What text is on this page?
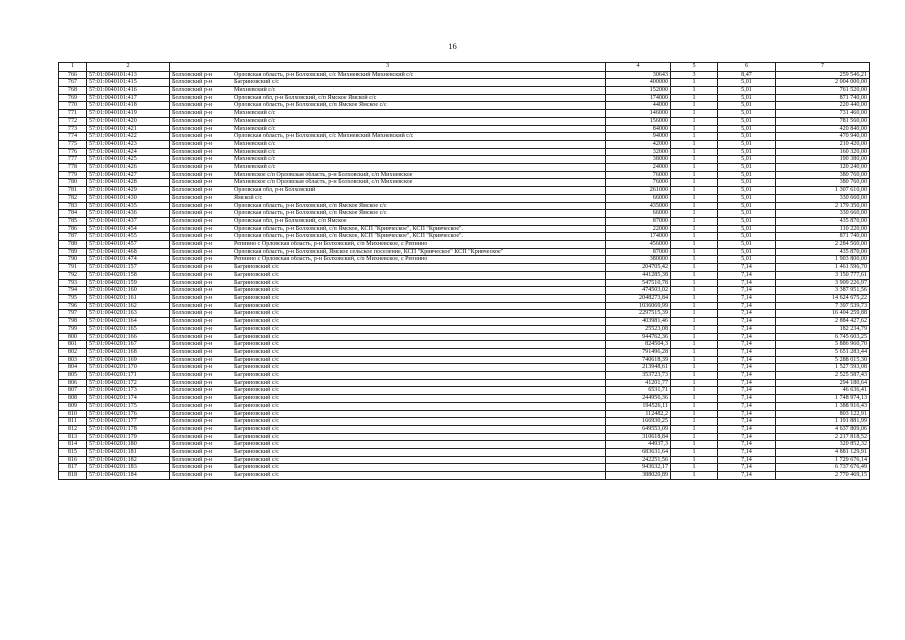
16
1	2	3	4	5	6	7
766	57:01:0040101:413	Болховский р-н Орловская область, р-н Болховский, с/с Михневский Михневский с/с	30643	3	8,47	259 546,21
767	57:01:0040101:415	Болховский р-н Багриновский с/с	400000	1	5,01	2 004 000,00
768	57:01:0040101:416	Болховский р-н Михневский с/с	152000	1	5,01	761 520,00
769	57:01:0040101:417	Болховский р-н Орловская обл, р-н Болховский, с/п Ямское Ямской с/с	174000	1	5,01	871 740,00
770	57:01:0040101:418	Болховский р-н Орловская область, р-н Болховский, с/п Ямское Ямское с/с	44000	1	5,01	220 440,00
771	57:01:0040101:419	Болховский р-н Михневский с/с	146000	1	5,01	731 460,00
772	57:01:0040101:420	Болховский р-н Михневский с/с	156000	1	5,01	781 560,00
773	57:01:0040101:421	Болховский р-н Михневский с/с	84000	1	5,01	420 840,00
774	57:01:0040101:422	Болховский р-н Орловская область, р-н Болховский, с/с Михневский Михневский с/с	94000	1	5,01	470 940,00
775	57:01:0040101:423	Болховский р-н Михневский с/с	42000	1	5,01	210 420,00
776	57:01:0040101:424	Болховский р-н Михневский с/с	32000	1	5,01	160 320,00
777	57:01:0040101:425	Болховский р-н Михневский с/с	38000	1	5,01	190 380,00
778	57:01:0040101:426	Болховский р-н Михневский с/с	24000	1	5,01	120 240,00
779	57:01:0040101:427	Болховский р-н Михневское с/п Орловская область, р-н Болховский, с/п Михневское	76000	1	5,01	380 760,00
780	57:01:0040101:428	Болховский р-н Михневское с/п Орловская область, р-н Болховский, с/п Михневское	76000	1	5,01	380 760,00
781	57:01:0040101:429	Болховский р-н Орловская обл, р-н Болховский	261000	1	5,01	1 307 610,00
782	57:01:0040101:430	Болховский р-н Ямской с/с	66000	1	5,01	330 660,00
783	57:01:0040101:435	Болховский р-н Орловская область, р-н Болховский, с/п Ямское Ямское с/с	435000	1	5,01	2 179 350,00
784	57:01:0040101:436	Болховский р-н Орловская область, р-н Болховский, с/п Ямское Ямское с/с	66000	1	5,01	330 660,00
785	57:01:0040101:437	Болховский р-н Орловская обл, р-н Болховский, с/п Ямское	87000	1	5,01	435 870,00
786	57:01:0040101:454	Болховский р-н Орловская область, р-н Болховский, с/п Ямское, КСП "Кривческое", КСП "Кривческое".	22000	1	5,01	110 220,00
787	57:01:0040101:455	Болховский р-н Орловская область, р-н Болховский, с/п Ямское, КСП "Кривческое", КСП "Кривческое".	174000	1	5,01	871 740,00
788	57:01:0040101:457	Болховский р-н Репнино с Орловская область, р-н Болховский, с/п Михневское, с Репнино	456000	1	5,01	2 284 560,00
789	57:01:0040101:468	Болховский р-н Орловская область, р-н Болховский, Ямское сельское поселение, КСП "Кривческое" КСП "Кривческое"	87000	1	5,01	435 870,00
790	57:01:0040101:474	Болховский р-н Репнино с Орловская область, р-н Болховский, с/п Михневское, с Репнино	380000	1	5,01	1 903 800,00
791	57:01:0040201:157	Болховский р-н Багриновский с/с	204705,42	1	7,14	1 461 596,70
792	57:01:0040201:158	Болховский р-н Багриновский с/с	441285,38	1	7,14	3 150 777,61
793	57:01:0040201:159	Болховский р-н Багриновский с/с	547510,78	1	7,14	3 909 226,97
794	57:01:0040201:160	Болховский р-н Багриновский с/с	474503,02	1	7,14	3 387 951,56
795	57:01:0040201:161	Болховский р-н Багриновский с/с	2048273,84	1	7,14	14 624 675,22
796	57:01:0040201:162	Болховский р-н Багриновский с/с	1036069,99	1	7,14	7 397 539,73
797	57:01:0040201:163	Болховский р-н Багриновский с/с	2297515,39	1	7,14	16 404 259,88
798	57:01:0040201:164	Болховский р-н Багриновский с/с	403981,46	1	7,14	2 884 427,62
799	57:01:0040201:165	Болховский р-н Багриновский с/с	25523,08	1	7,14	182 234,79
800	57:01:0040201:166	Болховский р-н Багриновский с/с	944762,36	1	7,14	6 745 603,25
801	57:01:0040201:167	Болховский р-н Багриновский с/с	824504,3	1	7,14	5 886 960,70
802	57:01:0040201:168	Болховский р-н Багриновский с/с	791496,28	1	7,14	5 651 283,44
803	57:01:0040201:169	Болховский р-н Багриновский с/с	740618,39	1	7,14	5 288 015,30
804	57:01:0040201:170	Болховский р-н Багриновский с/с	213948,61	1	7,14	1 527 593,08
805	57:01:0040201:171	Болховский р-н Багриновский с/с	353723,73	1	7,14	2 525 587,43
806	57:01:0040201:172	Болховский р-н Багриновский с/с	41201,77	1	7,14	294 180,64
807	57:01:0040201:173	Болховский р-н Багриновский с/с	6531,71	1	7,14	46 636,41
808	57:01:0040201:174	Болховский р-н Багриновский с/с	244956,36	1	7,14	1 748 974,13
809	57:01:0040201:175	Болховский р-н Багриновский с/с	194526,11	1	7,14	1 388 916,43
810	57:01:0040201:176	Болховский р-н Багриновский с/с	112482,2	1	7,14	803 122,91
811	57:01:0040201:177	Болховский р-н Багриновский с/с	166930,25	1	7,14	1 191 881,99
812	57:01:0040201:178	Болховский р-н Багриновский с/с	649553,09	1	7,14	4 637 809,06
813	57:01:0040201:179	Болховский р-н Багриновский с/с	310618,84	1	7,14	2 217 818,52
814	57:01:0040201:180	Болховский р-н Багриновский с/с	44937,3	1	7,14	320 852,32
815	57:01:0040201:181	Болховский р-н Багриновский с/с	683631,64	1	7,14	4 881 129,91
816	57:01:0040201:182	Болховский р-н Багриновский с/с	242251,56	1	7,14	1 729 676,14
817	57:01:0040201:183	Болховский р-н Багриновский с/с	943632,17	1	7,14	6 737 676,49
818	57:01:0040201:184	Болховский р-н Багриновский с/с	388020,89	1	7,14	2 770 469,15
